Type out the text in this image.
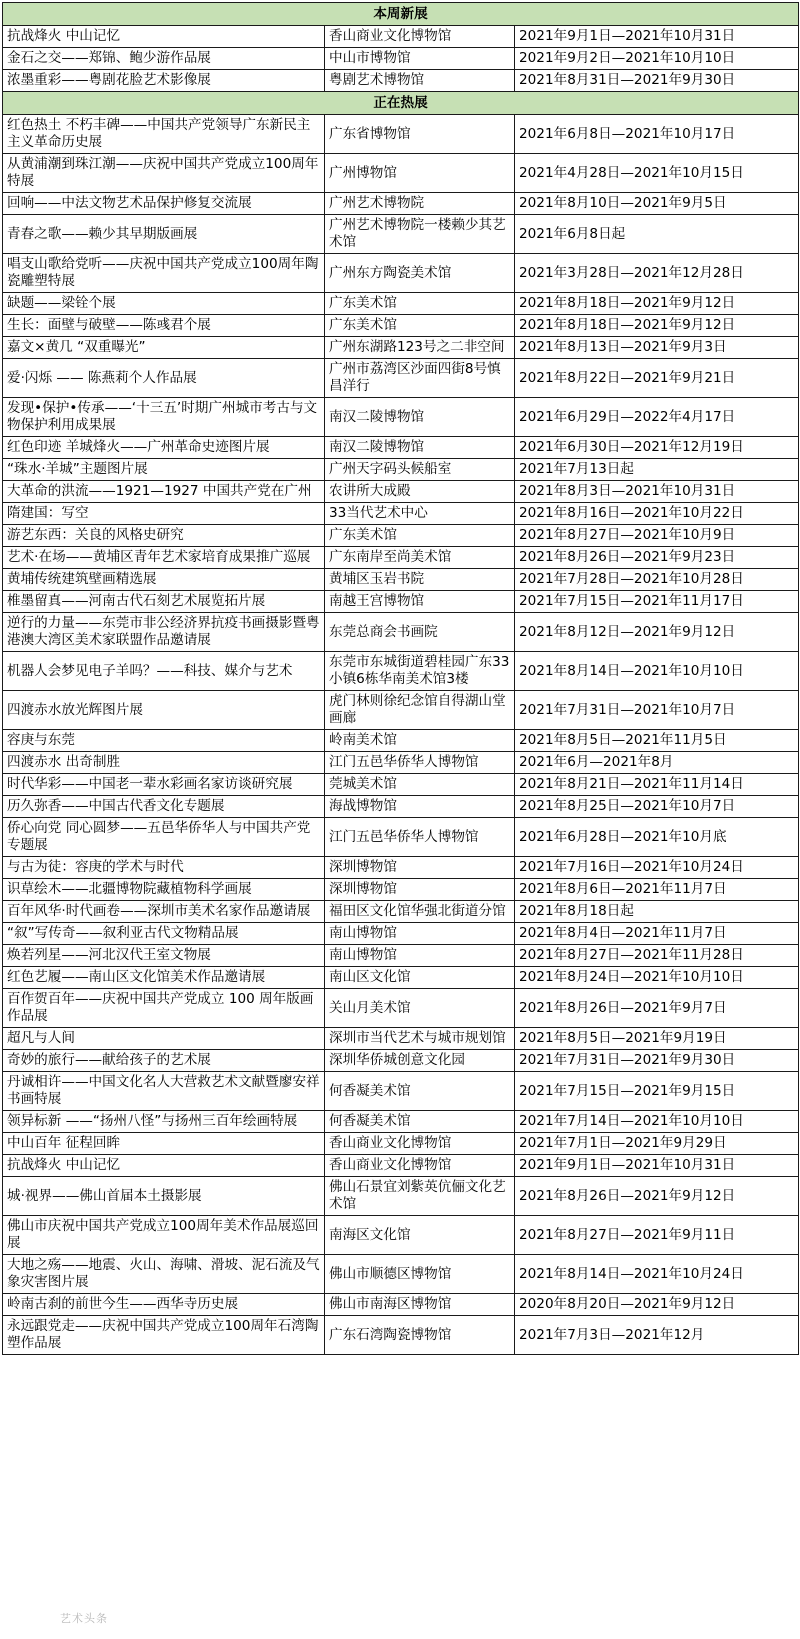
本周新展		
抗战烽火 中山记忆	香山商业文化博物馆	2021年9月1日—2021年10月31日
金石之交——郑锦、鲍少游作品展	中山市博物馆	2021年9月2日—2021年10月10日
浓墨重彩——粤剧花脸艺术影像展	粤剧艺术博物馆	2021年8月31日—2021年9月30日
正在热展		
红色热土 不朽丰碑——中国共产党领导广东新民主主义革命历史展	广东省博物馆	2021年6月8日—2021年10月17日
从黄浦潮到珠江潮——庆祝中国共产党成立100周年特展	广州博物馆	2021年4月28日—2021年10月15日
回响——中法文物艺术品保护修复交流展	广州艺术博物院	2021年8月10日—2021年9月5日
青春之歌——赖少其早期版画展	广州艺术博物院一楼赖少其艺术馆	2021年6月8日起
唱支山歌给党听——庆祝中国共产党成立100周年陶瓷雕塑特展	广州东方陶瓷美术馆	2021年3月28日—2021年12月28日
缺题——梁铨个展	广东美术馆	2021年8月18日—2021年9月12日
生长：面壁与破壁——陈彧君个展	广东美术馆	2021年8月18日—2021年9月12日
嘉文×黄几 “双重曝光”	广州东湖路123号之二非空间	2021年8月13日—2021年9月3日
爱·闪烁 —— 陈燕莉个人作品展	广州市荔湾区沙面四街8号慎昌洋行	2021年8月22日—2021年9月21日
发现•保护•传承——‘十三五’时期广州城市考古与文物保护利用成果展	南汉二陵博物馆	2021年6月29日—2022年4月17日
红色印迹 羊城烽火——广州革命史迹图片展	南汉二陵博物馆	2021年6月30日—2021年12月19日
“珠水·羊城”主题图片展	广州天字码头候船室	2021年7月13日起
大革命的洪流——1921—1927 中国共产党在广州	农讲所大成殿	2021年8月3日—2021年10月31日
隋建国：写空	33当代艺术中心	2021年8月16日—2021年10月22日
游艺东西：关良的风格史研究	广东美术馆	2021年8月27日—2021年10月9日
艺术·在场——黄埔区青年艺术家培育成果推广巡展	广东南岸至尚美术馆	2021年8月26日—2021年9月23日
黄埔传统建筑壁画精选展	黄埔区玉岩书院	2021年7月28日—2021年10月28日
椎墨留真——河南古代石刻艺术展览拓片展	南越王宫博物馆	2021年7月15日—2021年11月17日
逆行的力量——东莞市非公经济界抗疫书画摄影暨粤港澳大湾区美术家联盟作品邀请展	东莞总商会书画院	2021年8月12日—2021年9月12日
机器人会梦见电子羊吗？——科技、媒介与艺术	东莞市东城街道碧桂园广东33小镇6栋华南美术馆3楼	2021年8月14日—2021年10月10日
四渡赤水放光辉图片展	虎门林则徐纪念馆自得湖山堂画廊	2021年7月31日—2021年10月7日
容庚与东莞	岭南美术馆	2021年8月5日—2021年11月5日
四渡赤水 出奇制胜	江门五邑华侨华人博物馆	2021年6月—2021年8月
时代华彩——中国老一辈水彩画名家访谈研究展	莞城美术馆	2021年8月21日—2021年11月14日
历久弥香——中国古代香文化专题展	海战博物馆	2021年8月25日—2021年10月7日
侨心向党 同心圆梦——五邑华侨华人与中国共产党专题展	江门五邑华侨华人博物馆	2021年6月28日—2021年10月底
与古为徒：容庚的学术与时代	深圳博物馆	2021年7月16日—2021年10月24日
识草绘木——北疆博物院藏植物科学画展	深圳博物馆	2021年8月6日—2021年11月7日
百年风华·时代画卷——深圳市美术名家作品邀请展	福田区文化馆华强北街道分馆	2021年8月18日起
“叙”写传奇——叙利亚古代文物精品展	南山博物馆	2021年8月4日—2021年11月7日
焕若列星——河北汉代王室文物展	南山博物馆	2021年8月27日—2021年11月28日
红色艺履——南山区文化馆美术作品邀请展	南山区文化馆	2021年8月24日—2021年10月10日
百作贺百年——庆祝中国共产党成立 100 周年版画作品展	关山月美术馆	2021年8月26日—2021年9月7日
超凡与人间	深圳市当代艺术与城市规划馆	2021年8月5日—2021年9月19日
奇妙的旅行——献给孩子的艺术展	深圳华侨城创意文化园	2021年7月31日—2021年9月30日
丹诚相许——中国文化名人大营救艺术文献暨廖安祥书画特展	何香凝美术馆	2021年7月15日—2021年9月15日
领异标新 ——“扬州八怪”与扬州三百年绘画特展	何香凝美术馆	2021年7月14日—2021年10月10日
中山百年 征程回眸	香山商业文化博物馆	2021年7月1日—2021年9月29日
抗战烽火 中山记忆	香山商业文化博物馆	2021年9月1日—2021年10月31日
城·视界——佛山首届本土摄影展	佛山石景宜刘紫英伉俪文化艺术馆	2021年8月26日—2021年9月12日
佛山市庆祝中国共产党成立100周年美术作品展巡回展	南海区文化馆	2021年8月27日—2021年9月11日
大地之殇——地震、火山、海啸、滑坡、泥石流及气象灾害图片展	佛山市顺德区博物馆	2021年8月14日—2021年10月24日
岭南古刹的前世今生——西华寺历史展	佛山市南海区博物馆	2020年8月20日—2021年9月12日
永远跟党走——庆祝中国共产党成立100周年石湾陶塑作品展	广东石湾陶瓷博物馆	2021年7月3日—2021年12月
艺术头条
